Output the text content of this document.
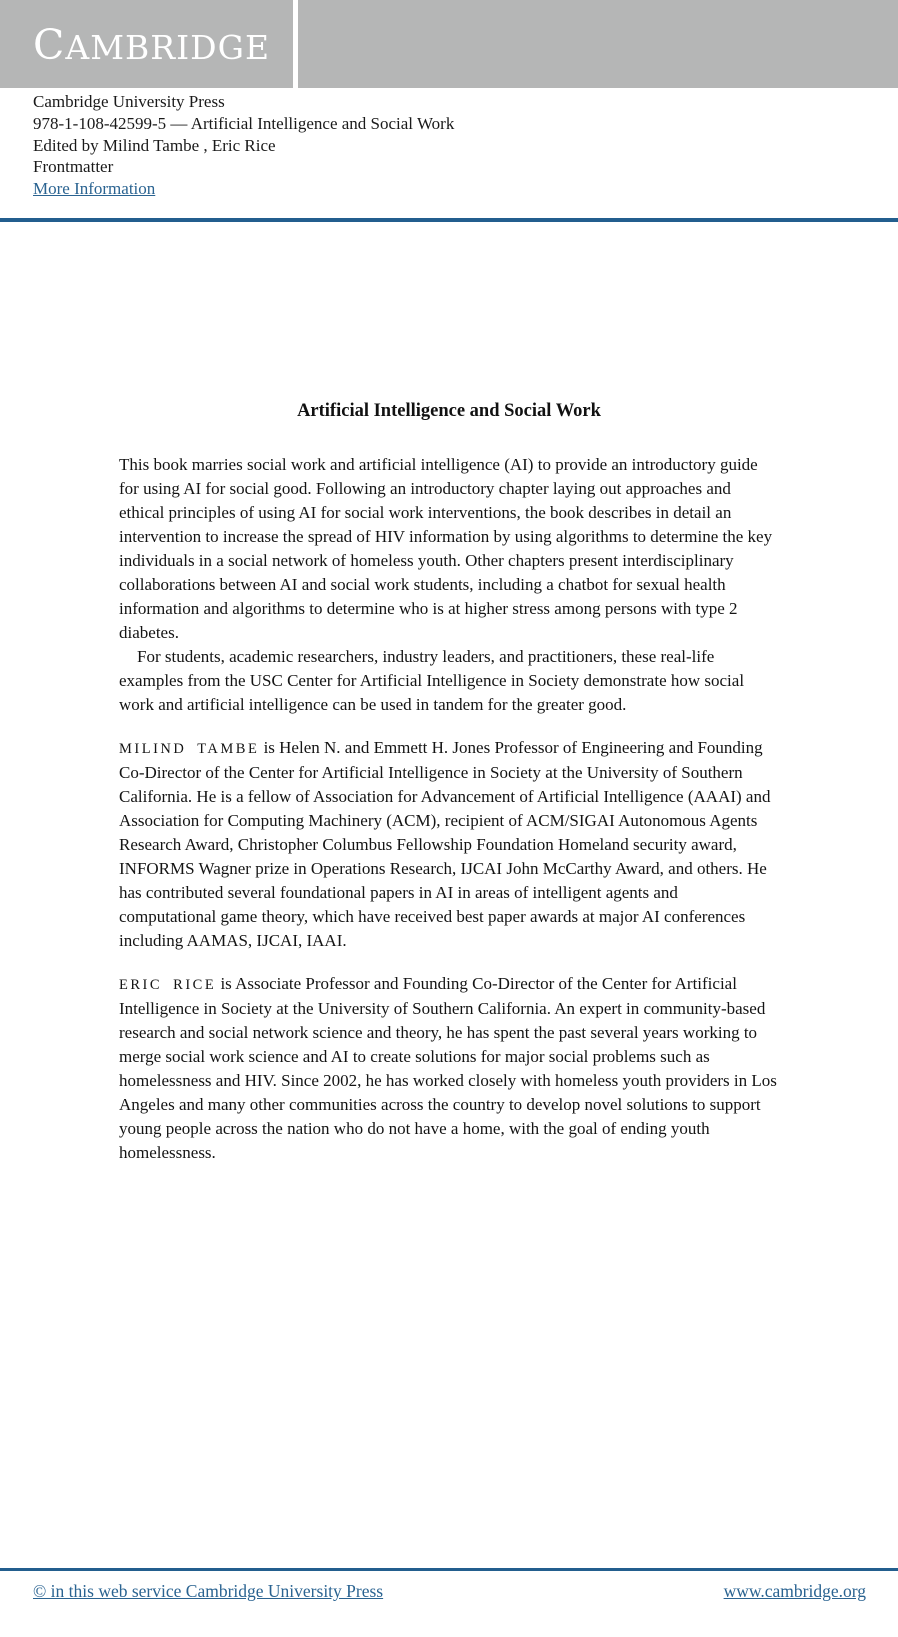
CAMBRIDGE
Cambridge University Press
978-1-108-42599-5 — Artificial Intelligence and Social Work
Edited by Milind Tambe , Eric Rice
Frontmatter
More Information
Artificial Intelligence and Social Work

This book marries social work and artificial intelligence (AI) to provide an introductory guide for using AI for social good. Following an introductory chapter laying out approaches and ethical principles of using AI for social work interventions, the book describes in detail an intervention to increase the spread of HIV information by using algorithms to determine the key individuals in a social network of homeless youth. Other chapters present interdisciplinary collaborations between AI and social work students, including a chatbot for sexual health information and algorithms to determine who is at higher stress among persons with type 2 diabetes.

For students, academic researchers, industry leaders, and practitioners, these real-life examples from the USC Center for Artificial Intelligence in Society demonstrate how social work and artificial intelligence can be used in tandem for the greater good.

MILIND TAMBE is Helen N. and Emmett H. Jones Professor of Engineering and Founding Co-Director of the Center for Artificial Intelligence in Society at the University of Southern California. He is a fellow of Association for Advancement of Artificial Intelligence (AAAI) and Association for Computing Machinery (ACM), recipient of ACM/SIGAI Autonomous Agents Research Award, Christopher Columbus Fellowship Foundation Homeland security award, INFORMS Wagner prize in Operations Research, IJCAI John McCarthy Award, and others. He has contributed several foundational papers in AI in areas of intelligent agents and computational game theory, which have received best paper awards at major AI conferences including AAMAS, IJCAI, IAAI.

ERIC RICE is Associate Professor and Founding Co-Director of the Center for Artificial Intelligence in Society at the University of Southern California. An expert in community-based research and social network science and theory, he has spent the past several years working to merge social work science and AI to create solutions for major social problems such as homelessness and HIV. Since 2002, he has worked closely with homeless youth providers in Los Angeles and many other communities across the country to develop novel solutions to support young people across the nation who do not have a home, with the goal of ending youth homelessness.

© in this web service Cambridge University Press	www.cambridge.org
